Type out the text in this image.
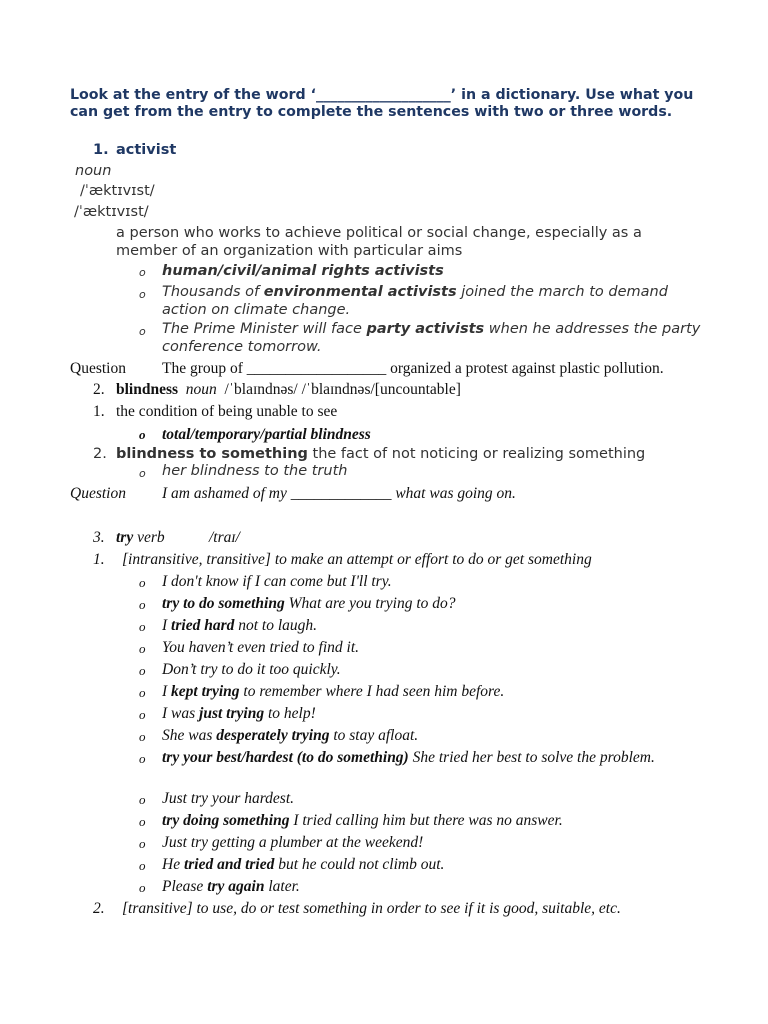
Look at the entry of the word ‘___________________’ in a dictionary. Use what you can get from the entry to complete the sentences with two or three words.
1. activist
noun
/ˈæktɪvɪst/
/ˈæktɪvɪst/
a person who works to achieve political or social change, especially as a member of an organization with particular aims
o human/civil/animal rights activists
o Thousands of environmental activists joined the march to demand action on climate change.
o The Prime Minister will face party activists when he addresses the party conference tomorrow.
Question The group of __________________ organized a protest against plastic pollution.
2. blindness noun /ˈblaɪndnəs/ /ˈblaɪndnəs/[uncountable]
1. the condition of being unable to see
o total/temporary/partial blindness
2. blindness to something the fact of not noticing or realizing something
o her blindness to the truth
Question I am ashamed of my _____________ what was going on.
3. try verb	/traɪ/
1. [intransitive, transitive] to make an attempt or effort to do or get something
o I don't know if I can come but I'll try.
o try to do something What are you trying to do?
o I tried hard not to laugh.
o You haven’t even tried to find it.
o Don’t try to do it too quickly.
o I kept trying to remember where I had seen him before.
o I was just trying to help!
o She was desperately trying to stay afloat.
o try your best/hardest (to do something) She tried her best to solve the problem.
o Just try your hardest.
o try doing something I tried calling him but there was no answer.
o Just try getting a plumber at the weekend!
o He tried and tried but he could not climb out.
o Please try again later.
2. [transitive] to use, do or test something in order to see if it is good, suitable, etc.
